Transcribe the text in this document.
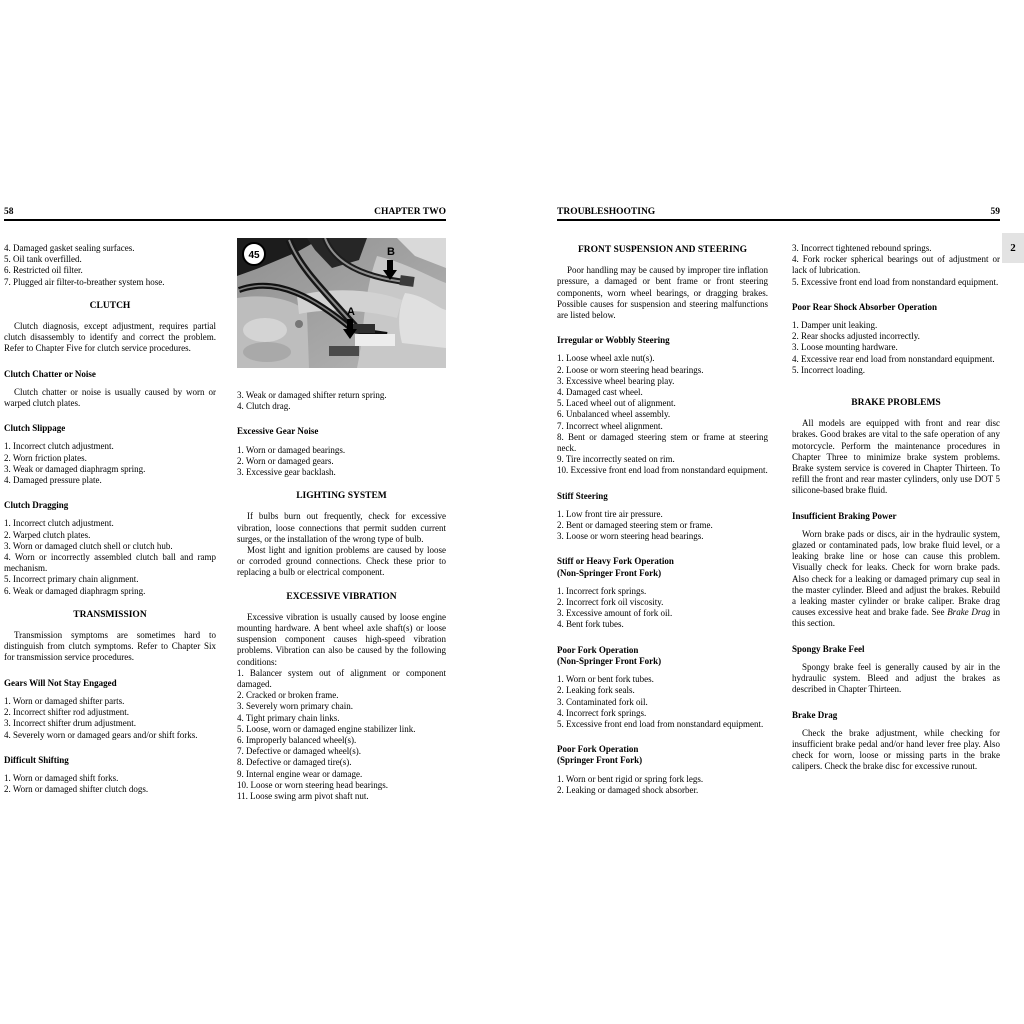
58	CHAPTER TWO	TROUBLESHOOTING	59
2
4. Damaged gasket sealing surfaces.
5. Oil tank overfilled.
6. Restricted oil filter.
7. Plugged air filter-to-breather system hose.
CLUTCH
Clutch diagnosis, except adjustment, requires partial clutch disassembly to identify and correct the problem. Refer to Chapter Five for clutch service procedures.
Clutch Chatter or Noise
Clutch chatter or noise is usually caused by worn or warped clutch plates.
Clutch Slippage
1. Incorrect clutch adjustment.
2. Worn friction plates.
3. Weak or damaged diaphragm spring.
4. Damaged pressure plate.
Clutch Dragging
1. Incorrect clutch adjustment.
2. Warped clutch plates.
3. Worn or damaged clutch shell or clutch hub.
4. Worn or incorrectly assembled clutch ball and ramp mechanism.
5. Incorrect primary chain alignment.
6. Weak or damaged diaphragm spring.
TRANSMISSION
Transmission symptoms are sometimes hard to distinguish from clutch symptoms. Refer to Chapter Six for transmission service procedures.
Gears Will Not Stay Engaged
1. Worn or damaged shifter parts.
2. Incorrect shifter rod adjustment.
3. Incorrect shifter drum adjustment.
4. Severely worn or damaged gears and/or shift forks.
Difficult Shifting
1. Worn or damaged shift forks.
2. Worn or damaged shifter clutch dogs.
B
A
45
3. Weak or damaged shifter return spring.
4. Clutch drag.
Excessive Gear Noise
1. Worn or damaged bearings.
2. Worn or damaged gears.
3. Excessive gear backlash.
LIGHTING SYSTEM
If bulbs burn out frequently, check for excessive vibration, loose connections that permit sudden current surges, or the installation of the wrong type of bulb.
Most light and ignition problems are caused by loose or corroded ground connections. Check these prior to replacing a bulb or electrical component.
EXCESSIVE VIBRATION
Excessive vibration is usually caused by loose engine mounting hardware. A bent wheel axle shaft(s) or loose suspension component causes high-speed vibration problems. Vibration can also be caused by the following conditions:
1. Balancer system out of alignment or component damaged.
2. Cracked or broken frame.
3. Severely worn primary chain.
4. Tight primary chain links.
5. Loose, worn or damaged engine stabilizer link.
6. Improperly balanced wheel(s).
7. Defective or damaged wheel(s).
8. Defective or damaged tire(s).
9. Internal engine wear or damage.
10. Loose or worn steering head bearings.
11. Loose swing arm pivot shaft nut.
FRONT SUSPENSION AND STEERING
Poor handling may be caused by improper tire inflation pressure, a damaged or bent frame or front steering components, worn wheel bearings, or dragging brakes. Possible causes for suspension and steering malfunctions are listed below.
Irregular or Wobbly Steering
1. Loose wheel axle nut(s).
2. Loose or worn steering head bearings.
3. Excessive wheel bearing play.
4. Damaged cast wheel.
5. Laced wheel out of alignment.
6. Unbalanced wheel assembly.
7. Incorrect wheel alignment.
8. Bent or damaged steering stem or frame at steering neck.
9. Tire incorrectly seated on rim.
10. Excessive front end load from nonstandard equipment.
Stiff Steering
1. Low front tire air pressure.
2. Bent or damaged steering stem or frame.
3. Loose or worn steering head bearings.
Stiff or Heavy Fork Operation
(Non-Springer Front Fork)
1. Incorrect fork springs.
2. Incorrect fork oil viscosity.
3. Excessive amount of fork oil.
4. Bent fork tubes.
Poor Fork Operation
(Non-Springer Front Fork)
1. Worn or bent fork tubes.
2. Leaking fork seals.
3. Contaminated fork oil.
4. Incorrect fork springs.
5. Excessive front end load from nonstandard equipment.
Poor Fork Operation
(Springer Front Fork)
1. Worn or bent rigid or spring fork legs.
2. Leaking or damaged shock absorber.
3. Incorrect tightened rebound springs.
4. Fork rocker spherical bearings out of adjustment or lack of lubrication.
5. Excessive front end load from nonstandard equipment.
Poor Rear Shock Absorber Operation
1. Damper unit leaking.
2. Rear shocks adjusted incorrectly.
3. Loose mounting hardware.
4. Excessive rear end load from nonstandard equipment.
5. Incorrect loading.
BRAKE PROBLEMS
All models are equipped with front and rear disc brakes. Good brakes are vital to the safe operation of any motorcycle. Perform the maintenance procedures in Chapter Three to minimize brake system problems. Brake system service is covered in Chapter Thirteen. To refill the front and rear master cylinders, only use DOT 5 silicone-based brake fluid.
Insufficient Braking Power
Worn brake pads or discs, air in the hydraulic system, glazed or contaminated pads, low brake fluid level, or a leaking brake line or hose can cause this problem. Visually check for leaks. Check for worn brake pads. Also check for a leaking or damaged primary cup seal in the master cylinder. Bleed and adjust the brakes. Rebuild a leaking master cylinder or brake caliper. Brake drag causes excessive heat and brake fade. See Brake Drag in this section.
Spongy Brake Feel
Spongy brake feel is generally caused by air in the hydraulic system. Bleed and adjust the brakes as described in Chapter Thirteen.
Brake Drag
Check the brake adjustment, while checking for insufficient brake pedal and/or hand lever free play. Also check for worn, loose or missing parts in the brake calipers. Check the brake disc for excessive runout.
